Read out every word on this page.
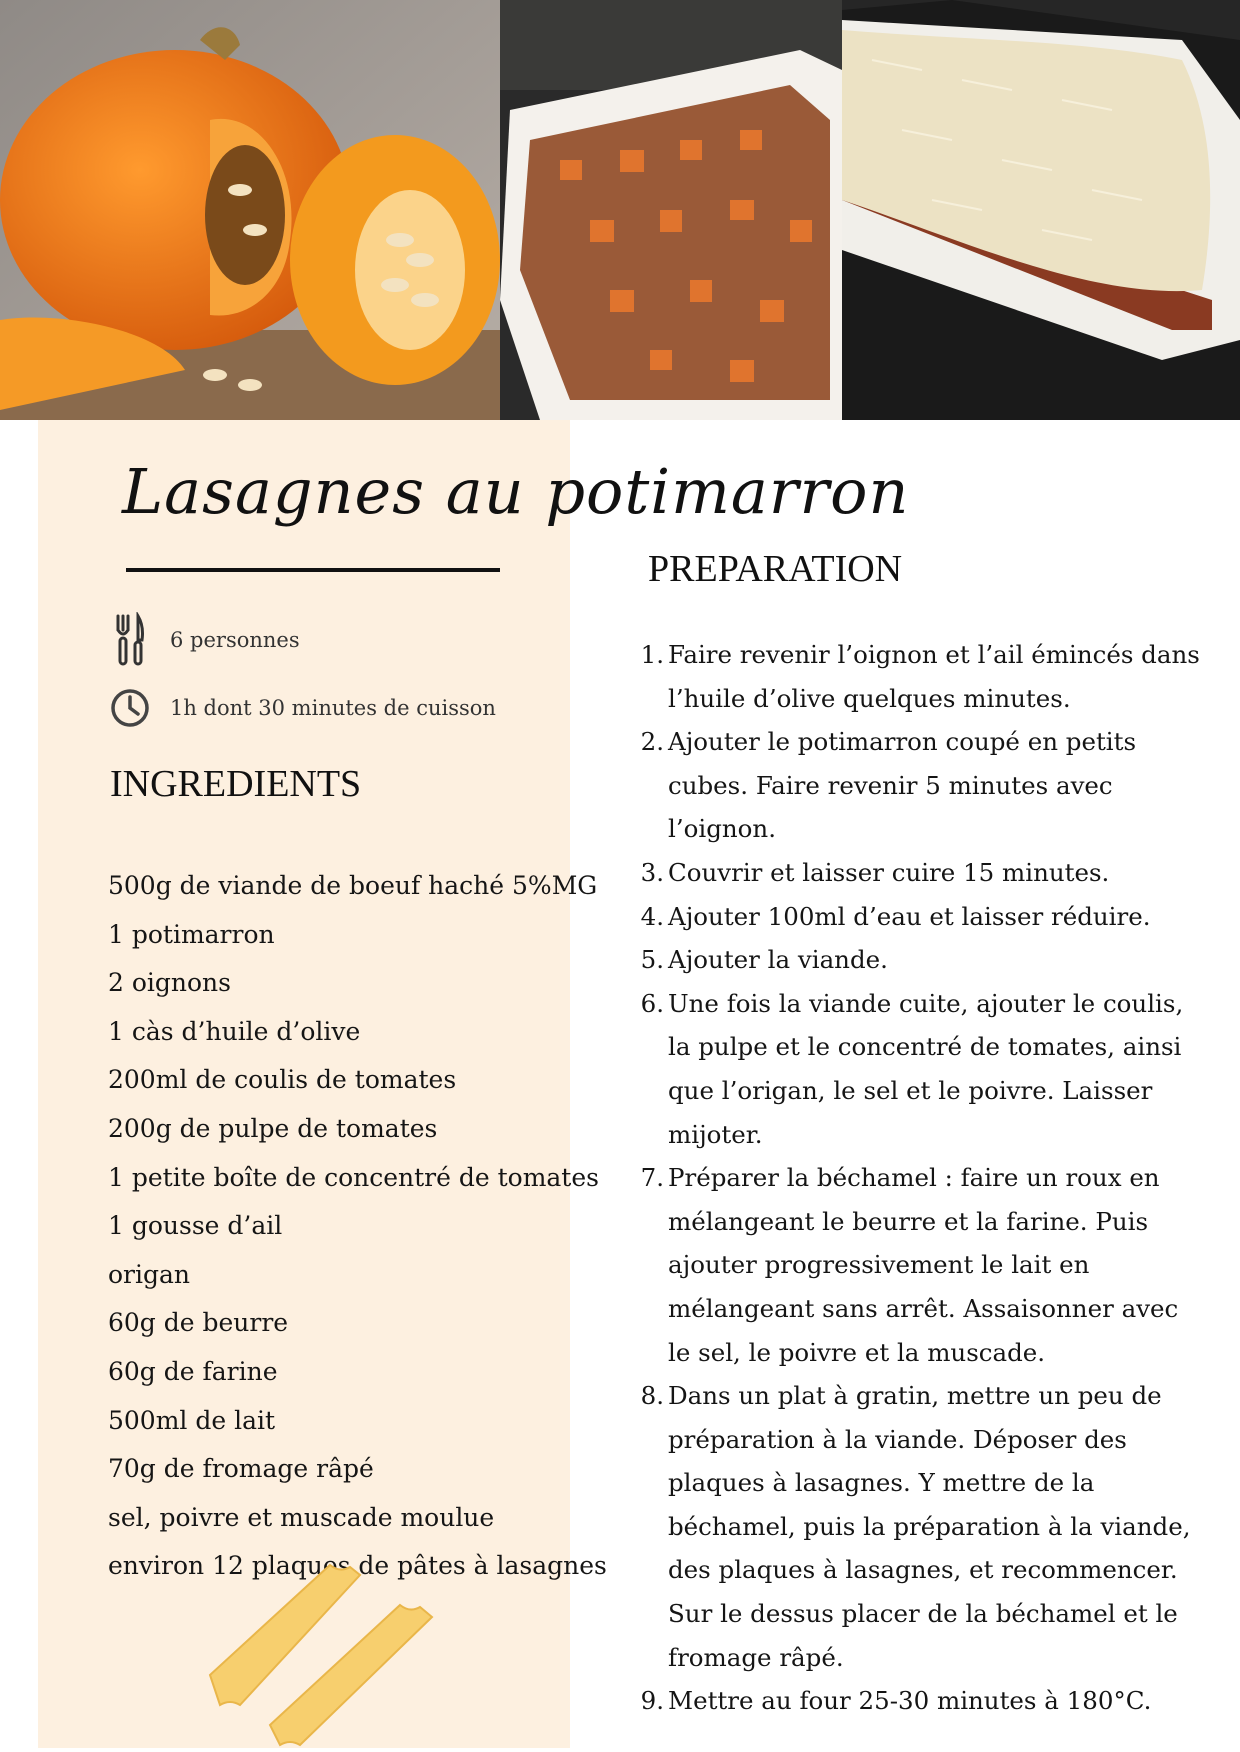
Lasagnes au potimarron
6 personnes
1h dont 30 minutes de cuisson
INGREDIENTS
500g de viande de boeuf haché 5%MG
1 potimarron
2 oignons
1 càs d’huile d’olive
200ml de coulis de tomates
200g de pulpe de tomates
1 petite boîte de concentré de tomates
1 gousse d’ail
origan
60g de beurre
60g de farine
500ml de lait
70g de fromage râpé
sel, poivre et muscade moulue
environ 12 plaques de pâtes à lasagnes
PREPARATION
1. Faire revenir l’oignon et l’ail émincés dans l’huile d’olive quelques minutes.
2. Ajouter le potimarron coupé en petits cubes. Faire revenir 5 minutes avec l’oignon.
3. Couvrir et laisser cuire 15 minutes.
4. Ajouter 100ml d’eau et laisser réduire.
5. Ajouter la viande.
6. Une fois la viande cuite, ajouter le coulis, la pulpe et le concentré de tomates, ainsi que l’origan, le sel et le poivre. Laisser mijoter.
7. Préparer la béchamel : faire un roux en mélangeant le beurre et la farine. Puis ajouter progressivement le lait en mélangeant sans arrêt. Assaisonner avec le sel, le poivre et la muscade.
8. Dans un plat à gratin, mettre un peu de préparation à la viande. Déposer des plaques à lasagnes. Y mettre de la béchamel, puis la préparation à la viande, des plaques à lasagnes, et recommencer. Sur le dessus placer de la béchamel et le fromage râpé.
9. Mettre au four 25-30 minutes à 180°C.
